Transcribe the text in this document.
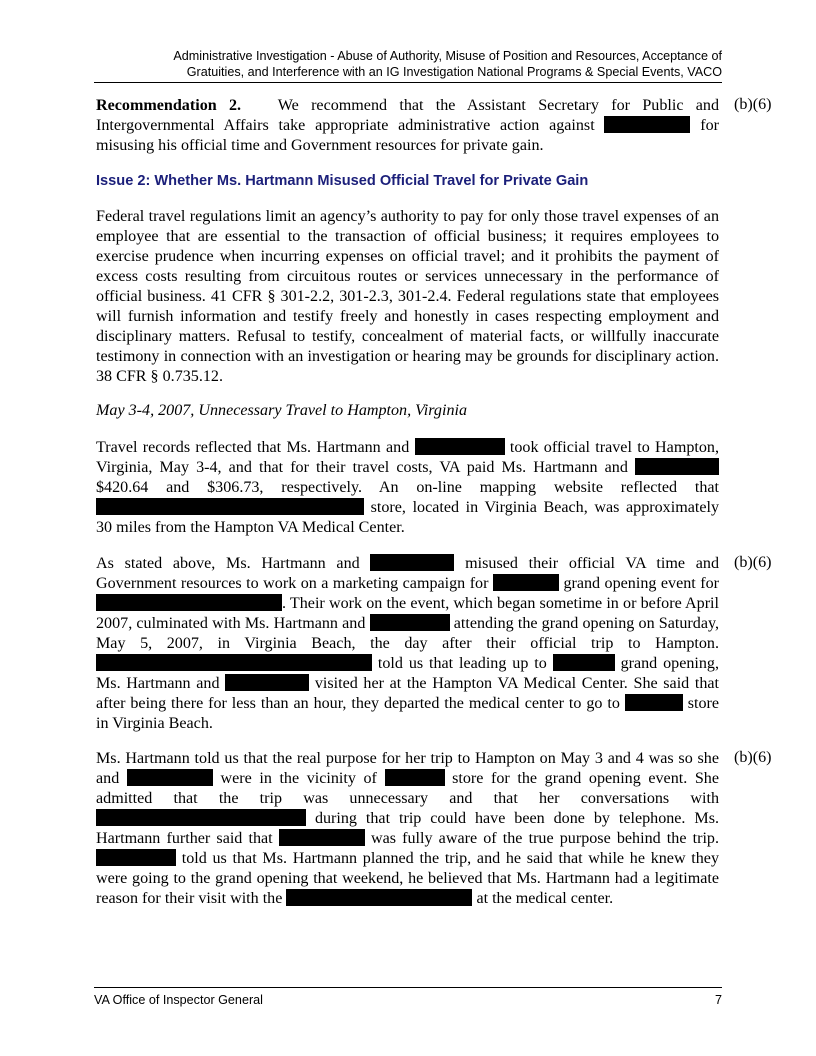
Administrative Investigation - Abuse of Authority, Misuse of Position and Resources, Acceptance of
Gratuities, and Interference with an IG Investigation National Programs & Special Events, VACO
Recommendation 2. We recommend that the Assistant Secretary for Public and Intergovernmental Affairs take appropriate administrative action against	for misusing his official time and Government resources for private gain.
(b)(6)
Issue 2: Whether Ms. Hartmann Misused Official Travel for Private Gain
Federal travel regulations limit an agency’s authority to pay for only those travel expenses of an employee that are essential to the transaction of official business; it requires employees to exercise prudence when incurring expenses on official travel; and it prohibits the payment of excess costs resulting from circuitous routes or services unnecessary in the performance of official business. 41 CFR § 301-2.2, 301-2.3, 301-2.4. Federal regulations state that employees will furnish information and testify freely and honestly in cases respecting employment and disciplinary matters. Refusal to testify, concealment of material facts, or willfully inaccurate testimony in connection with an investigation or hearing may be grounds for disciplinary action. 38 CFR § 0.735.12.
May 3-4, 2007, Unnecessary Travel to Hampton, Virginia
Travel records reflected that Ms. Hartmann and	took official travel to Hampton, Virginia, May 3-4, and that for their travel costs, VA paid Ms. Hartmann and  $420.64 and $306.73, respectively. An on-line mapping website reflected that  store, located in Virginia Beach, was approximately 30 miles from the Hampton VA Medical Center.
As stated above, Ms. Hartmann and	misused their official VA time and Government resources to work on a marketing campaign for	grand opening event for . Their work on the event, which began sometime in or before April 2007, culminated with Ms. Hartmann and	attending the grand opening on Saturday, May 5, 2007, in Virginia Beach, the day after their official trip to Hampton.  told us that leading up to	grand opening, Ms. Hartmann and	visited her at the Hampton VA Medical Center. She said that after being there for less than an hour, they departed the medical center to go to	store in Virginia Beach.
(b)(6)
Ms. Hartmann told us that the real purpose for her trip to Hampton on May 3 and 4 was so she and	were in the vicinity of	store for the grand opening event. She admitted that the trip was unnecessary and that her conversations with  during that trip could have been done by telephone. Ms. Hartmann further said that	was fully aware of the true purpose behind the trip.  told us that Ms. Hartmann planned the trip, and he said that while he knew they were going to the grand opening that weekend, he believed that Ms. Hartmann had a legitimate reason for their visit with the	at the medical center.
(b)(6)
VA Office of Inspector General	7
